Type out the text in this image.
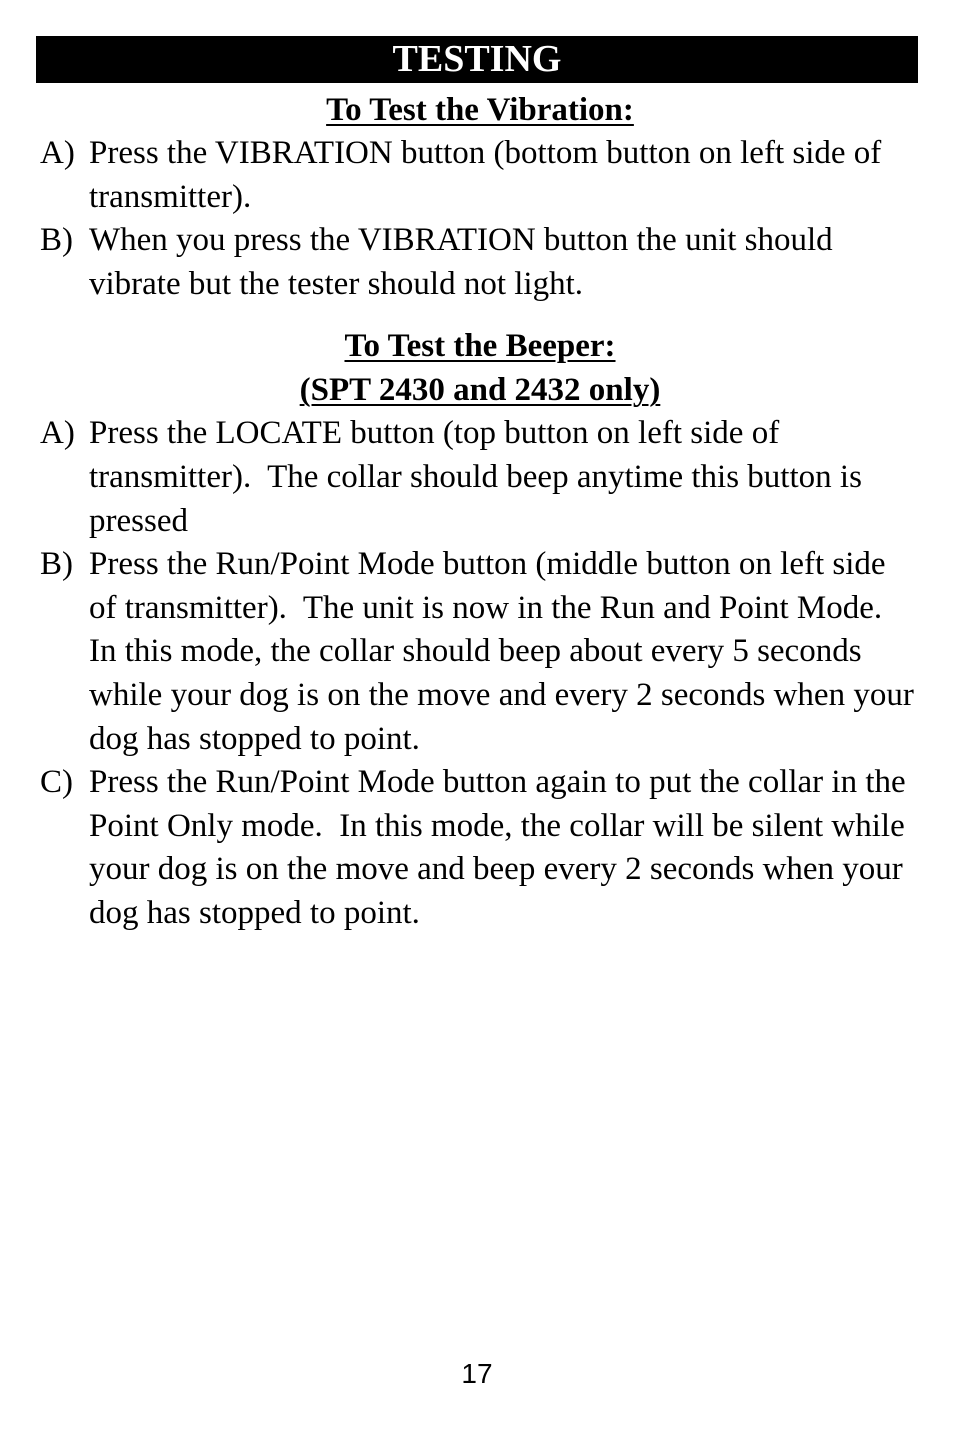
TESTING
To Test the Vibration:
A) Press the VIBRATION button (bottom button on left side of transmitter).
B) When you press the VIBRATION button the unit should vibrate but the tester should not light.
To Test the Beeper:
(SPT 2430 and 2432 only)
A) Press the LOCATE button (top button on left side of transmitter).  The collar should beep anytime this button is pressed
B) Press the Run/Point Mode button (middle button on left side of transmitter).  The unit is now in the Run and Point Mode.  In this mode, the collar should beep about every 5 seconds while your dog is on the move and every 2 seconds when your dog has stopped to point.
C) Press the Run/Point Mode button again to put the collar in the Point Only mode.  In this mode, the collar will be silent while your dog is on the move and beep every 2 seconds when your dog has stopped to point.
17
